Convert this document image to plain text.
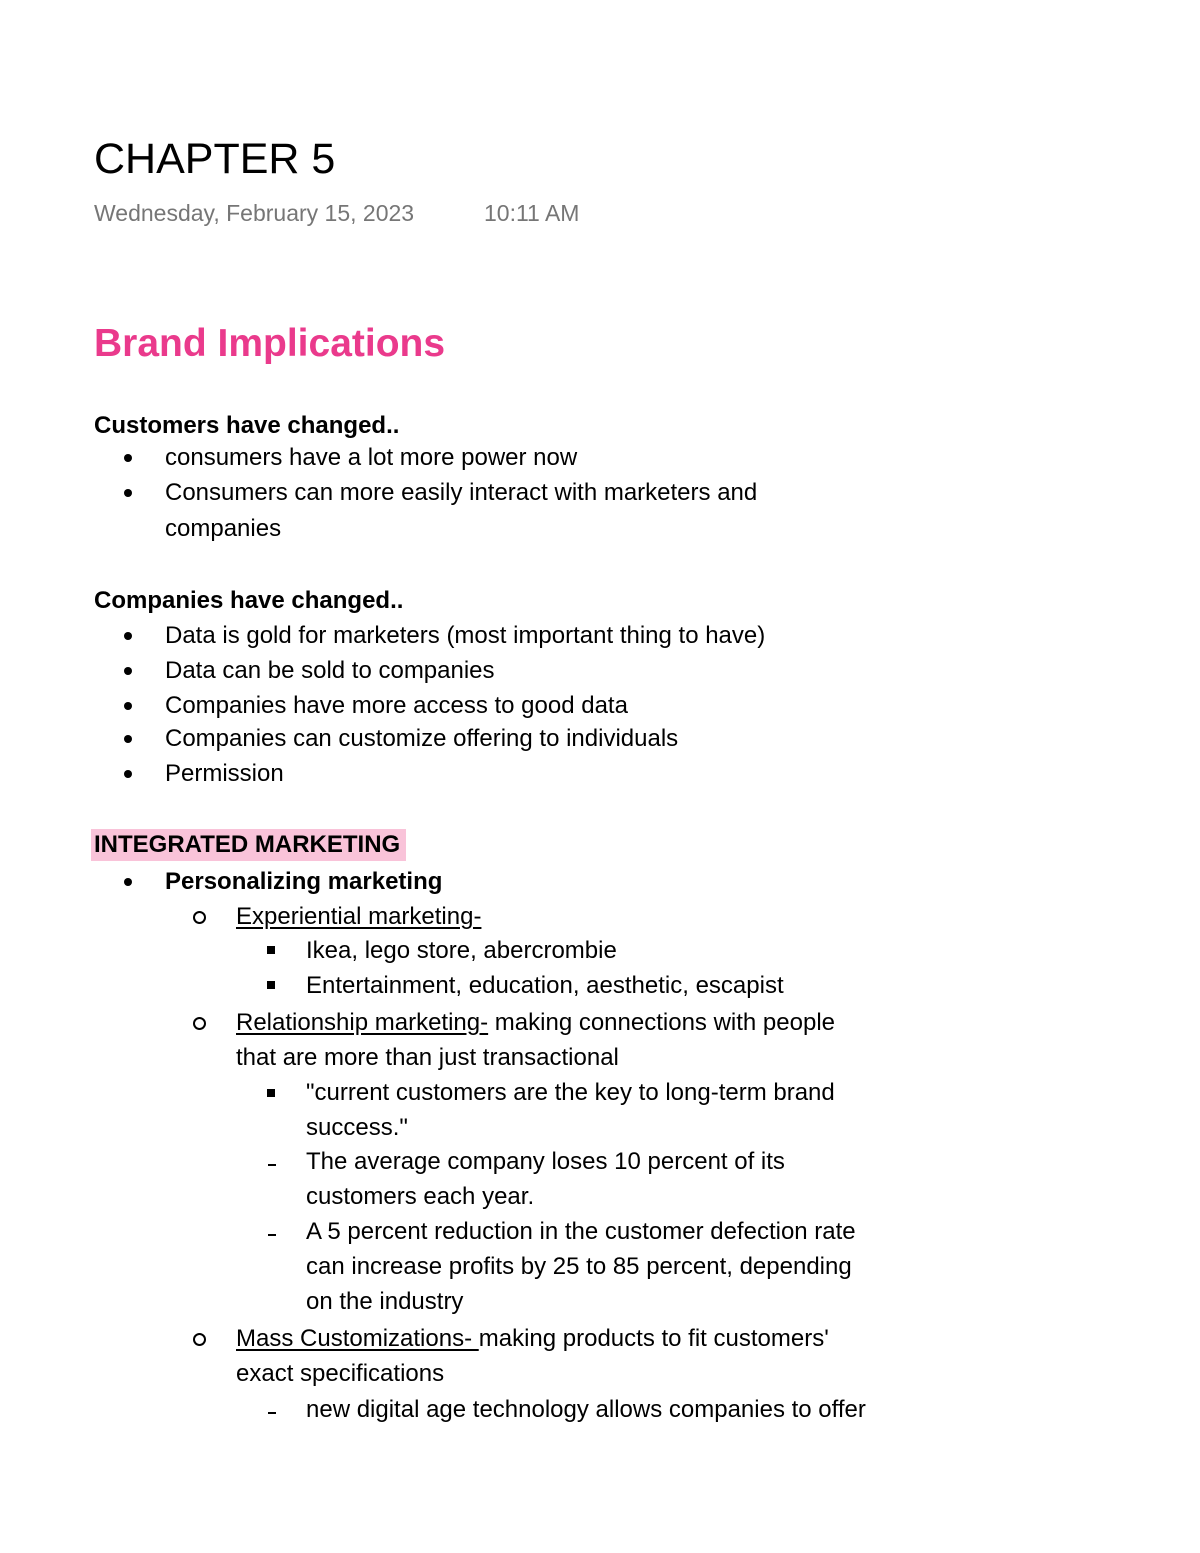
CHAPTER 5
Wednesday, February 15, 2023	10:11 AM
Brand Implications
Customers have changed..
consumers have a lot more power now
Consumers can more easily interact with marketers and
companies
Companies have changed..
Data is gold for marketers (most important thing to have)
Data can be sold to companies
Companies have more access to good data
Companies can customize offering to individuals
Permission
INTEGRATED MARKETING
Personalizing marketing
Experiential marketing-
Ikea, lego store, abercrombie
Entertainment, education, aesthetic, escapist
Relationship marketing- making connections with people
that are more than just transactional
"current customers are the key to long-term brand
success."
The average company loses 10 percent of its
customers each year.
A 5 percent reduction in the customer defection rate
can increase profits by 25 to 85 percent, depending
on the industry
Mass Customizations- making products to fit customers'
exact specifications
new digital age technology allows companies to offer
